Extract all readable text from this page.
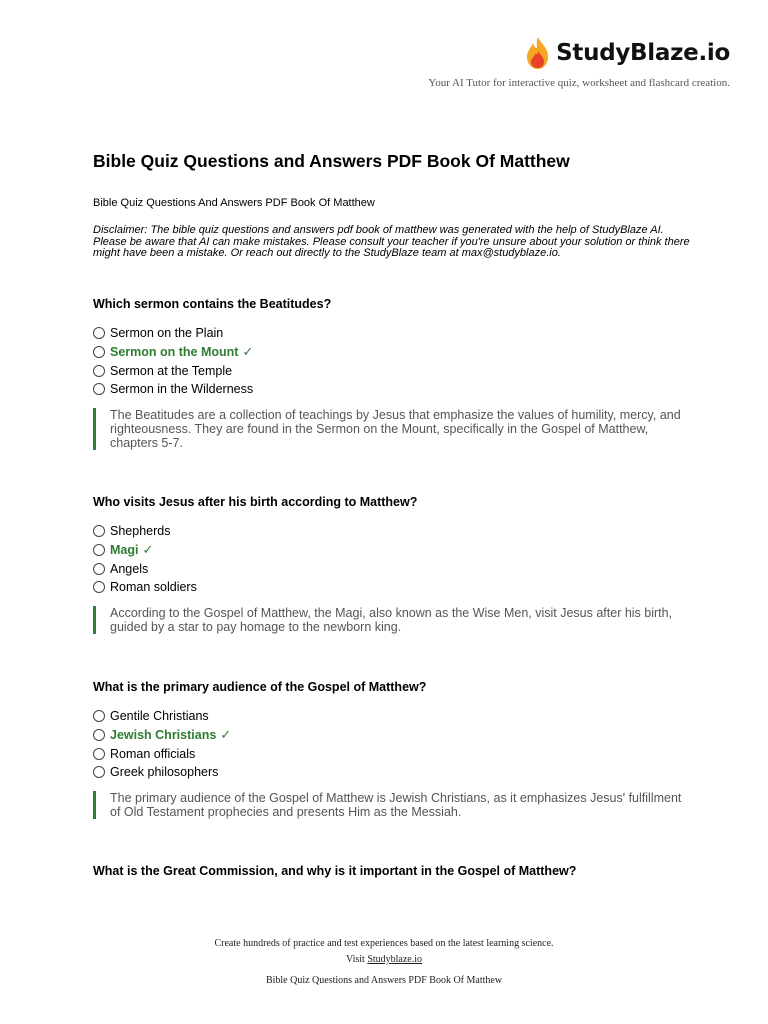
StudyBlaze.io
Your AI Tutor for interactive quiz, worksheet and flashcard creation.
Bible Quiz Questions and Answers PDF Book Of Matthew
Bible Quiz Questions And Answers PDF Book Of Matthew
Disclaimer: The bible quiz questions and answers pdf book of matthew was generated with the help of StudyBlaze AI. Please be aware that AI can make mistakes. Please consult your teacher if you're unsure about your solution or think there might have been a mistake. Or reach out directly to the StudyBlaze team at max@studyblaze.io.
Which sermon contains the Beatitudes?
Sermon on the Plain
Sermon on the Mount ✓
Sermon at the Temple
Sermon in the Wilderness
The Beatitudes are a collection of teachings by Jesus that emphasize the values of humility, mercy, and righteousness. They are found in the Sermon on the Mount, specifically in the Gospel of Matthew, chapters 5-7.
Who visits Jesus after his birth according to Matthew?
Shepherds
Magi ✓
Angels
Roman soldiers
According to the Gospel of Matthew, the Magi, also known as the Wise Men, visit Jesus after his birth, guided by a star to pay homage to the newborn king.
What is the primary audience of the Gospel of Matthew?
Gentile Christians
Jewish Christians ✓
Roman officials
Greek philosophers
The primary audience of the Gospel of Matthew is Jewish Christians, as it emphasizes Jesus' fulfillment of Old Testament prophecies and presents Him as the Messiah.
What is the Great Commission, and why is it important in the Gospel of Matthew?
Create hundreds of practice and test experiences based on the latest learning science.
Visit Studyblaze.io
Bible Quiz Questions and Answers PDF Book Of Matthew
